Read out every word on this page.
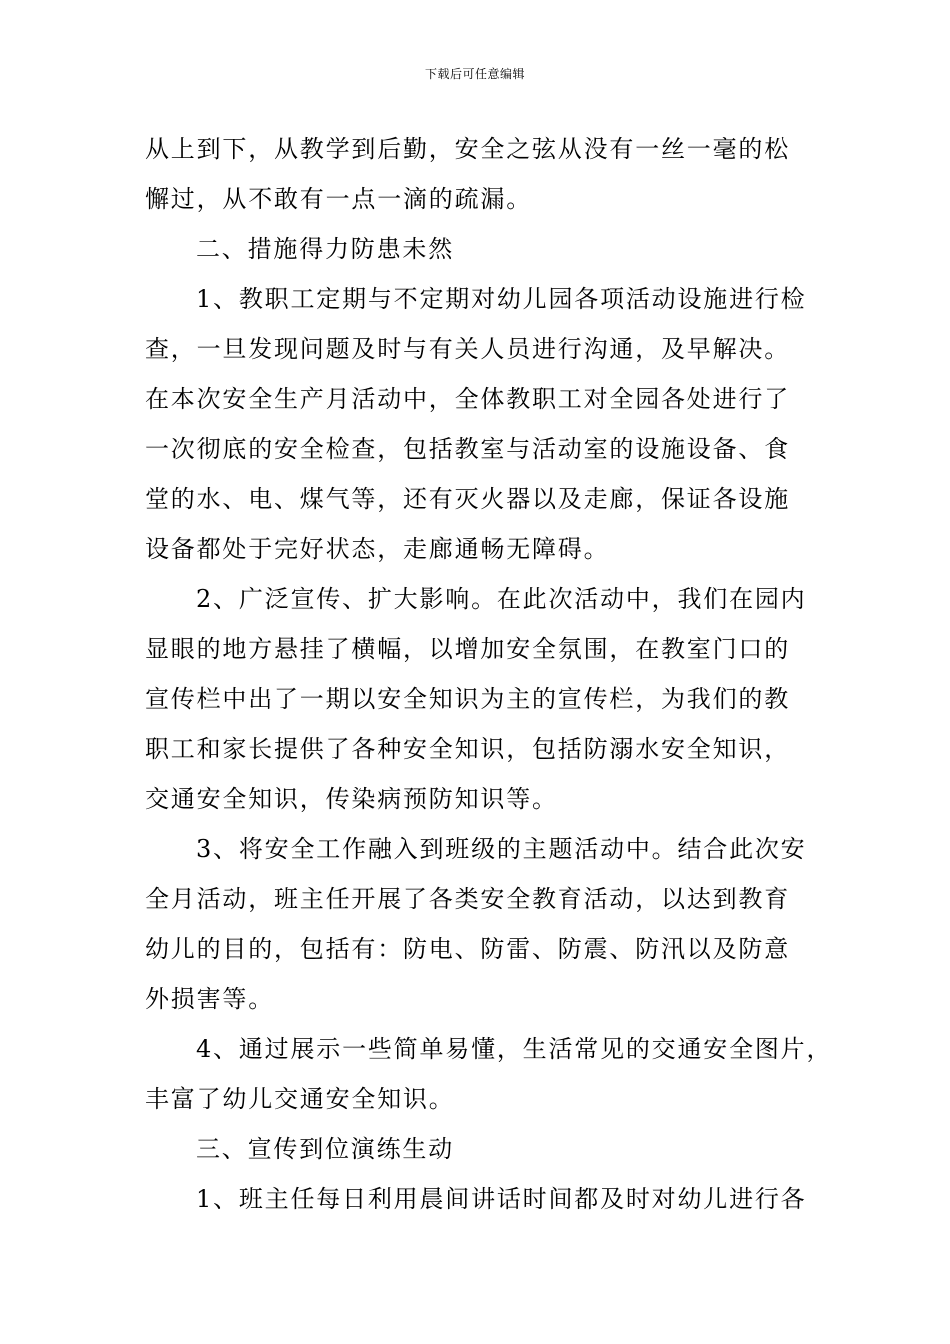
下载后可任意编辑
从上到下，从教学到后勤，安全之弦从没有一丝一毫的松
懈过，从不敢有一点一滴的疏漏。
二、措施得力防患未然
1、教职工定期与不定期对幼儿园各项活动设施进行检
查，一旦发现问题及时与有关人员进行沟通，及早解决。
在本次安全生产月活动中，全体教职工对全园各处进行了
一次彻底的安全检查，包括教室与活动室的设施设备、食
堂的水、电、煤气等，还有灭火器以及走廊，保证各设施
设备都处于完好状态，走廊通畅无障碍。
2、广泛宣传、扩大影响。在此次活动中，我们在园内
显眼的地方悬挂了横幅，以增加安全氛围，在教室门口的
宣传栏中出了一期以安全知识为主的宣传栏，为我们的教
职工和家长提供了各种安全知识，包括防溺水安全知识，
交通安全知识，传染病预防知识等。
3、将安全工作融入到班级的主题活动中。结合此次安
全月活动，班主任开展了各类安全教育活动，以达到教育
幼儿的目的，包括有：防电、防雷、防震、防汛以及防意
外损害等。
4、通过展示一些简单易懂，生活常见的交通安全图片，
丰富了幼儿交通安全知识。
三、宣传到位演练生动
1、班主任每日利用晨间讲话时间都及时对幼儿进行各
